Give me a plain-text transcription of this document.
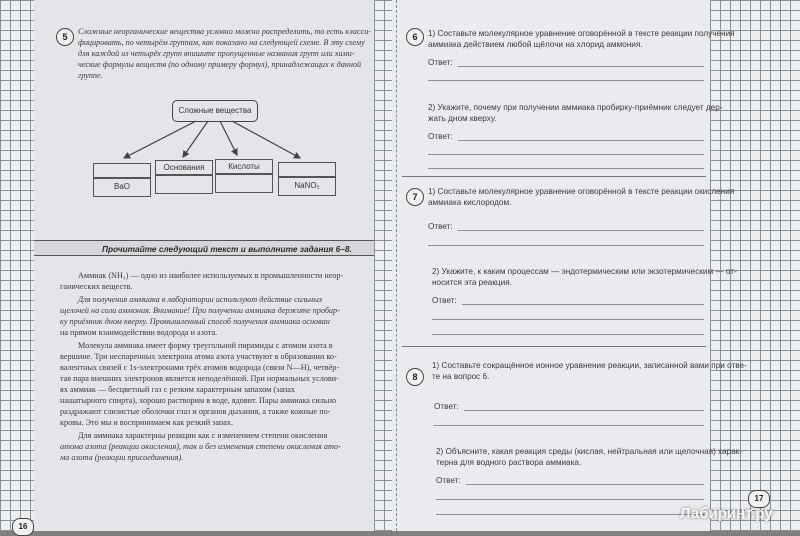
5
Сложные неорганические вещества условно можно распределить, то есть класси-
фицировать, по четырём группам, как показано на следующей схеме. В эту схему
для каждой из четырёх групп впишите пропущенные названия групп или хими-
ческие формулы веществ (по одному примеру формул), принадлежащих к данной
группе.
Сложные вещества
BaO
Основания	Кислоты
NaNO₂
Прочитайте следующий текст и выполните задания 6–8.
Аммиак (NH₃) — одно из наиболее используемых в промышленности неор-
ганических веществ.
Для получения аммиака в лаборатории используют действие сильных
щелочей на соли аммония. Внимание! При получении аммиака держите пробир-
ку приёмник дном кверху. Промышленный способ получения аммиака основан
на прямом взаимодействии водорода и азота.
Молекула аммиака имеет форму треугольной пирамиды с атомом азота в
вершине. Три неспаренных электрона атома азота участвуют в образовании ко-
валентных связей с 1s-электронами трёх атомов водорода (связи N—H), четвёр-
тая пара внешних электронов является неподелённой. При нормальных услови-
ях аммиак — бесцветный газ с резким характерным запахом (запах
нашатырного спирта), хорошо растворим в воде, ядовит. Пары аммиака сильно
раздражают слизистые оболочки глаз и органов дыхания, а также кожные по-
кровы. Это мы и воспринимаем как резкий запах.
Для аммиака характерны реакции как с изменением степени окисления
атома азота (реакции окисления), так и без изменения степени окисления ато-
ма азота (реакции присоединения).
6	1) Составьте молекулярное уравнение оговорённой в тексте реакции получения
аммиака действием любой щёлочи на хлорид аммония.
Ответ:
2) Укажите, почему при получении аммиака пробирку-приёмник следует дер-
жать дном кверху.
Ответ:
7
1) Составьте молекулярное уравнение оговорённой в тексте реакции окисления
аммиака кислородом.
Ответ:
2) Укажите, к каким процессам — эндотермическим или экзотермическим — от-
носится эта реакция.
Ответ:
8
1) Составьте сокращённое ионное уравнение реакции, записанной вами при отве-
те на вопрос 6.
Ответ:
2) Объясните, какая реакция среды (кислая, нейтральная или щелочная) харак-
терна для водного раствора аммиака.
Ответ:
16
17
Лабиринт.ру
